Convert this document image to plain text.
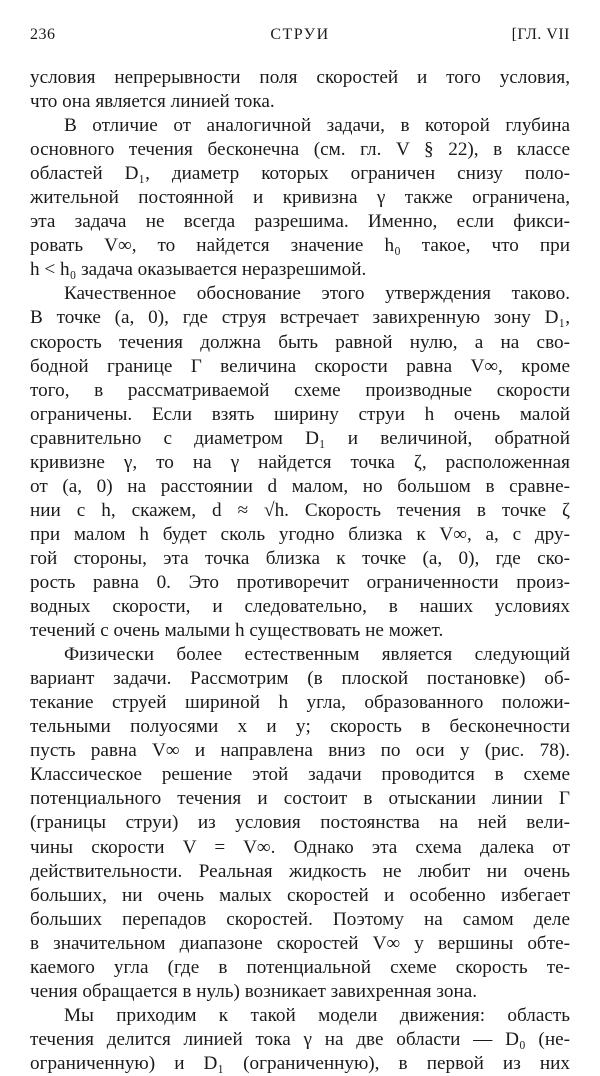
236	СТРУИ	[ГЛ. VII
условия непрерывности поля скоростей и того условия,
что она является линией тока.
В отличие от аналогичной задачи, в которой глубина
основного течения бесконечна (см. гл. V § 22), в классе
областей D₁, диаметр которых ограничен снизу поло-
жительной постоянной и кривизна γ также ограничена,
эта задача не всегда разрешима. Именно, если фикси-
ровать V∞, то найдется значение h₀ такое, что при
h < h₀ задача оказывается неразрешимой.
Качественное обоснование этого утверждения таково.
В точке (a, 0), где струя встречает завихренную зону D₁,
скорость течения должна быть равной нулю, а на сво-
бодной границе Γ величина скорости равна V∞, кроме
того, в рассматриваемой схеме производные скорости
ограничены. Если взять ширину струи h очень малой
сравнительно с диаметром D₁ и величиной, обратной
кривизне γ, то на γ найдется точка ζ, расположенная
от (a, 0) на расстоянии d малом, но большом в сравне-
нии с h, скажем, d ≈ √h. Скорость течения в точке ζ
при малом h будет сколь угодно близка к V∞, а, с дру-
гой стороны, эта точка близка к точке (a, 0), где ско-
рость равна 0. Это противоречит ограниченности произ-
водных скорости, и следовательно, в наших условиях
течений с очень малыми h существовать не может.
Физически более естественным является следующий
вариант задачи. Рассмотрим (в плоской постановке) об-
текание струей шириной h угла, образованного положи-
тельными полуосями x и y; скорость в бесконечности
пусть равна V∞ и направлена вниз по оси y (рис. 78).
Классическое решение этой задачи проводится в схеме
потенциального течения и состоит в отыскании линии Γ
(границы струи) из условия постоянства на ней вели-
чины скорости V = V∞. Однако эта схема далека от
действительности. Реальная жидкость не любит ни очень
больших, ни очень малых скоростей и особенно избегает
больших перепадов скоростей. Поэтому на самом деле
в значительном диапазоне скоростей V∞ у вершины обте-
каемого угла (где в потенциальной схеме скорость те-
чения обращается в нуль) возникает завихренная зона.
Мы приходим к такой модели движения: область
течения делится линией тока γ на две области — D₀ (не-
ограниченную) и D₁ (ограниченную), в первой из них
